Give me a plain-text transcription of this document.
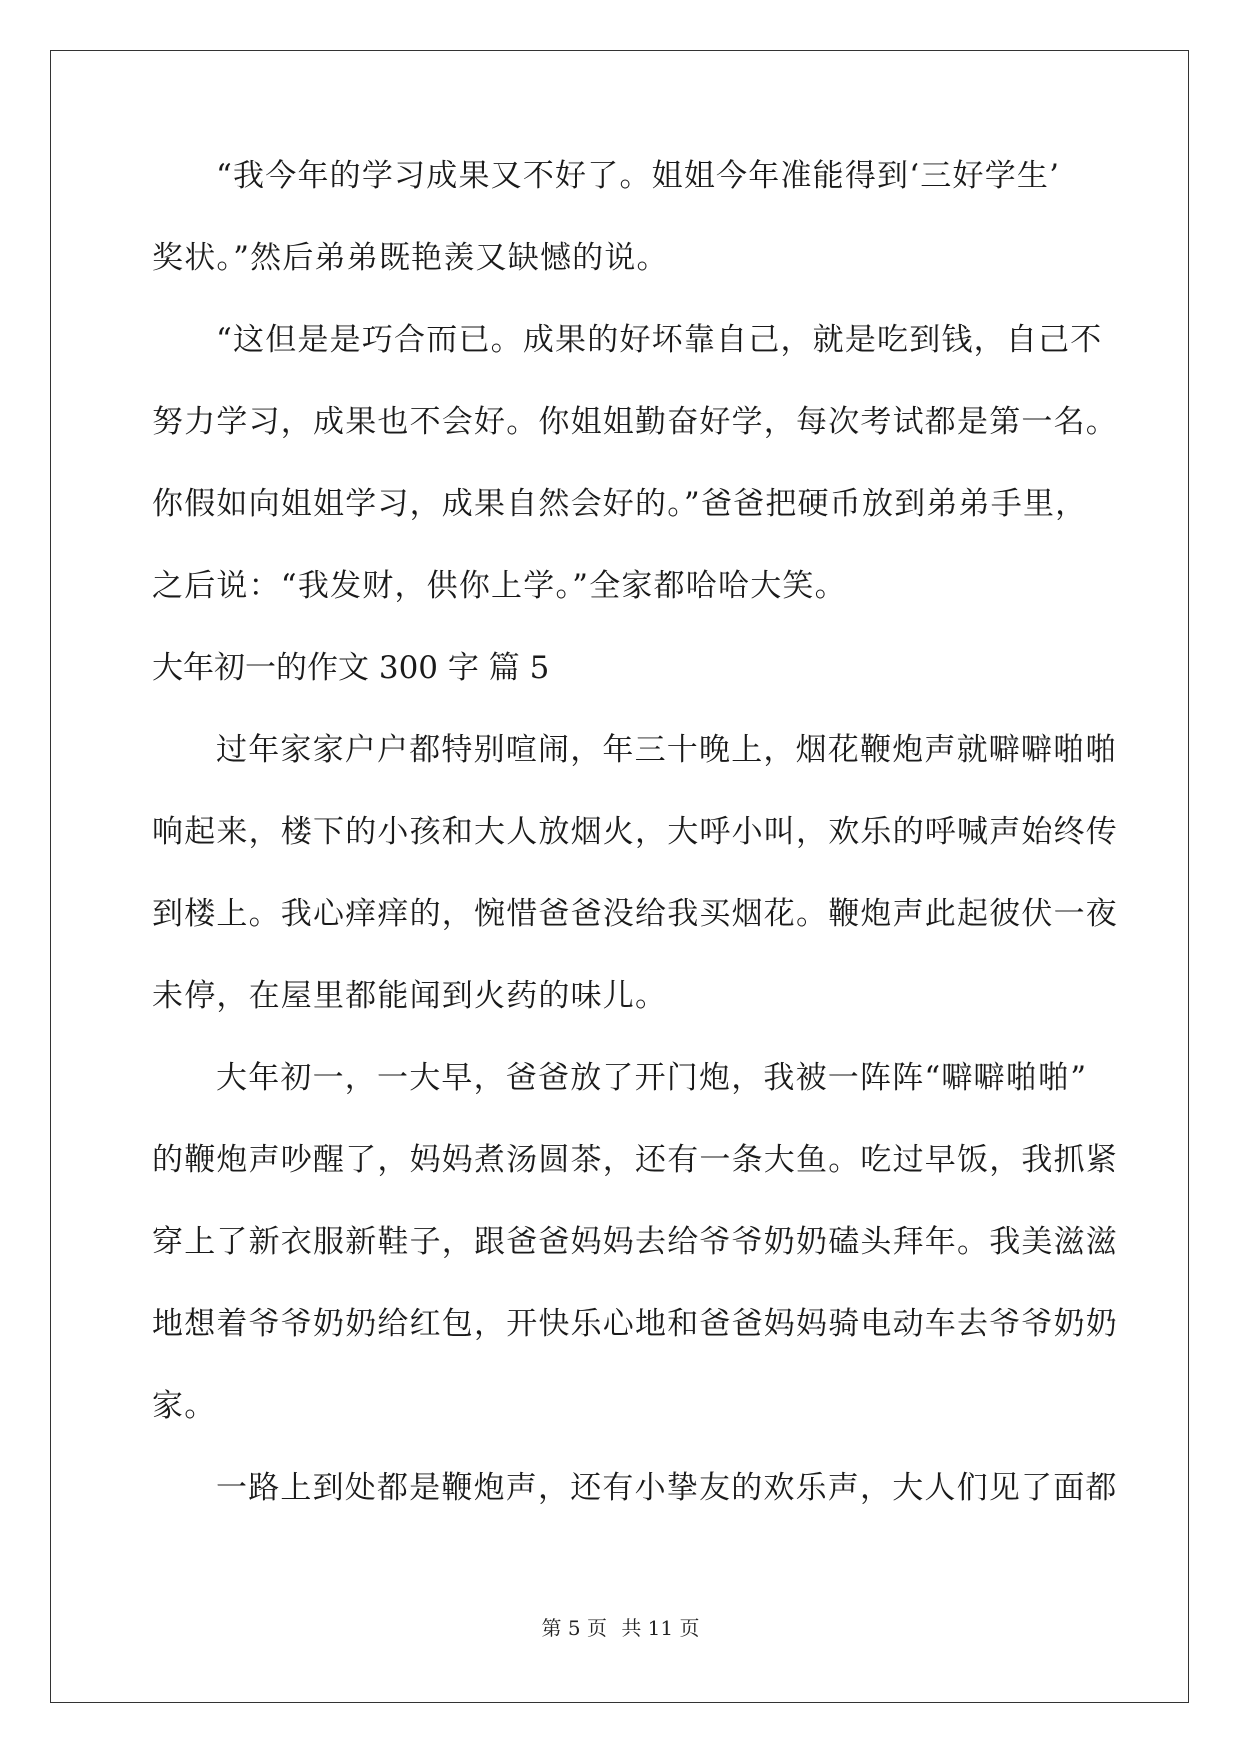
“我今年的学习成果又不好了。姐姐今年准能得到‘三好学生’
奖状。”然后弟弟既艳羡又缺憾的说。
“这但是是巧合而已。成果的好坏靠自己，就是吃到钱，自己不
努力学习，成果也不会好。你姐姐勤奋好学，每次考试都是第一名。
你假如向姐姐学习，成果自然会好的。”爸爸把硬币放到弟弟手里，
之后说：“我发财，供你上学。”全家都哈哈大笑。
大年初一的作文 300 字 篇 5
过年家家户户都特别喧闹，年三十晚上，烟花鞭炮声就噼噼啪啪
响起来，楼下的小孩和大人放烟火，大呼小叫，欢乐的呼喊声始终传
到楼上。我心痒痒的，惋惜爸爸没给我买烟花。鞭炮声此起彼伏一夜
未停，在屋里都能闻到火药的味儿。
大年初一，一大早，爸爸放了开门炮，我被一阵阵“噼噼啪啪”
的鞭炮声吵醒了，妈妈煮汤圆茶，还有一条大鱼。吃过早饭，我抓紧
穿上了新衣服新鞋子，跟爸爸妈妈去给爷爷奶奶磕头拜年。我美滋滋
地想着爷爷奶奶给红包，开快乐心地和爸爸妈妈骑电动车去爷爷奶奶
家。
一路上到处都是鞭炮声，还有小挚友的欢乐声，大人们见了面都
第 5 页 共 11 页
